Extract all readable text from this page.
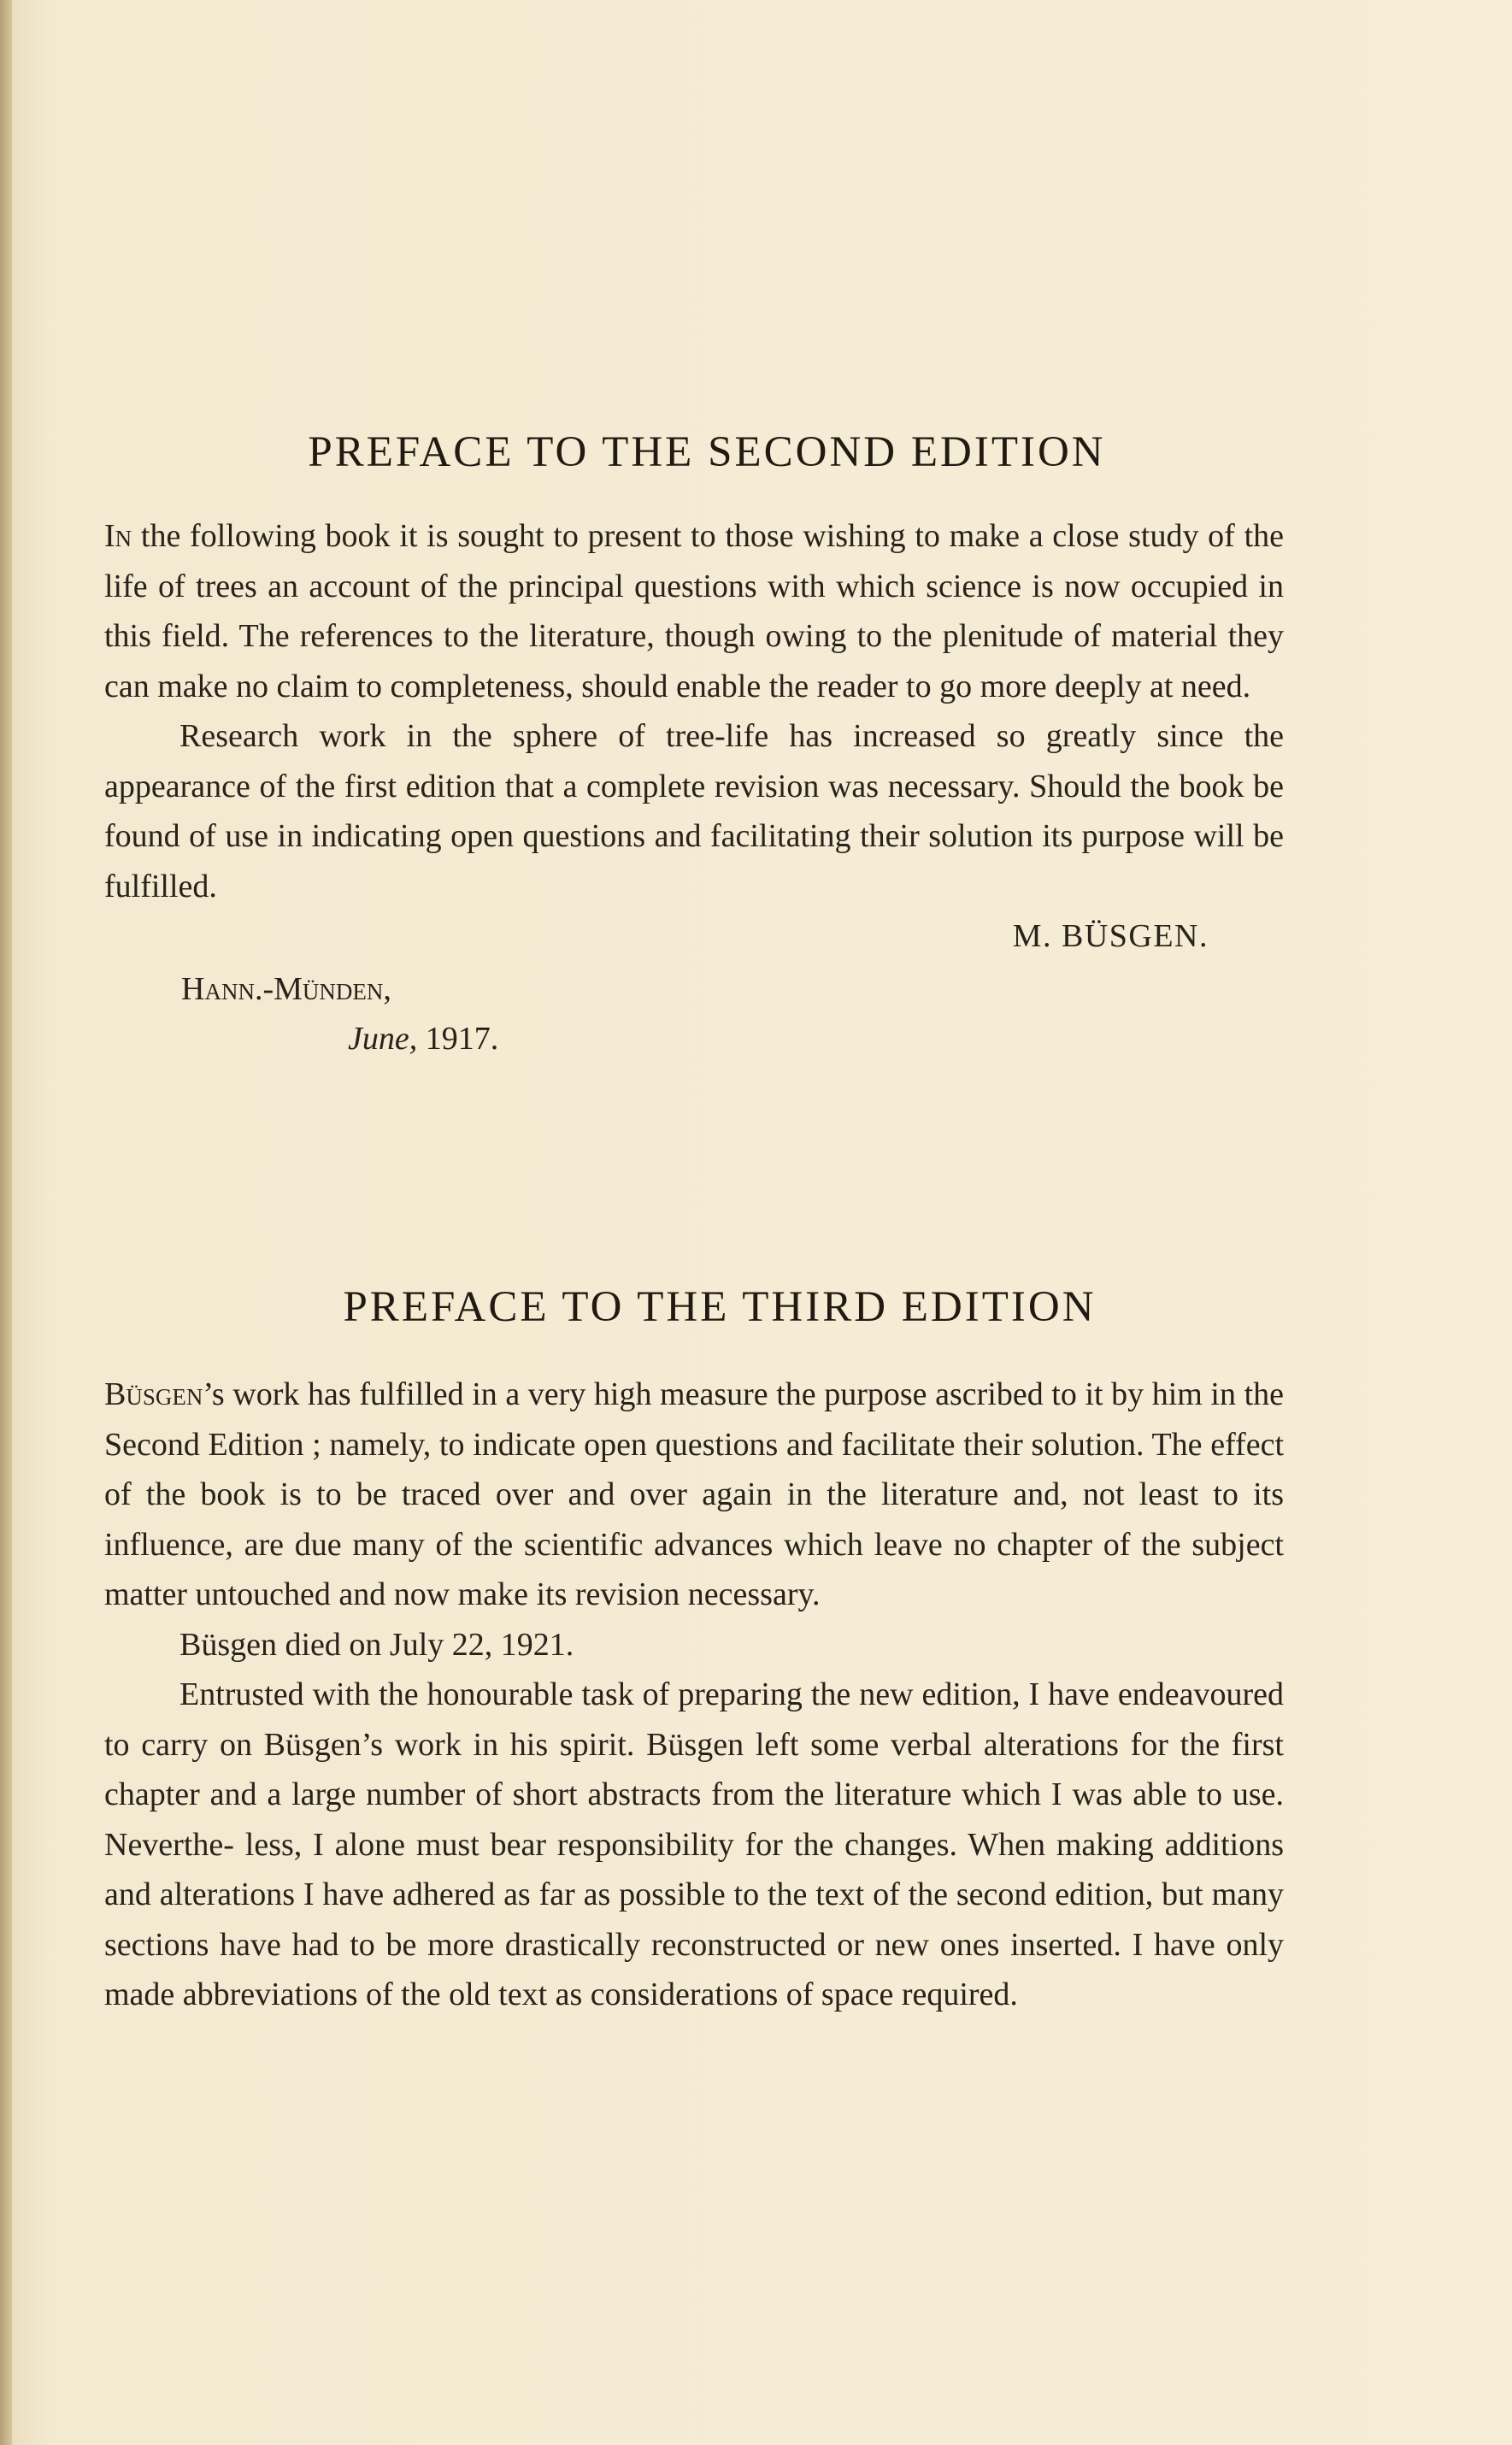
PREFACE TO THE SECOND EDITION

In the following book it is sought to present to those wishing to make a close study of the life of trees an account of the principal questions with which science is now occupied in this field. The references to the literature, though owing to the plenitude of material they can make no claim to completeness, should enable the reader to go more deeply at need.

Research work in the sphere of tree-life has increased so greatly since the appearance of the first edition that a complete revision was necessary. Should the book be found of use in indicating open questions and facilitating their solution its purpose will be fulfilled.

M. BÜSGEN.
Hann.-Münden,
June, 1917.
PREFACE TO THE THIRD EDITION

Büsgen’s work has fulfilled in a very high measure the purpose ascribed to it by him in the Second Edition ; namely, to indicate open questions and facilitate their solution. The effect of the book is to be traced over and over again in the literature and, not least to its influence, are due many of the scientific advances which leave no chapter of the subject matter untouched and now make its revision necessary.

Büsgen died on July 22, 1921.

Entrusted with the honourable task of preparing the new edition, I have endeavoured to carry on Büsgen’s work in his spirit. Büsgen left some verbal alterations for the first chapter and a large number of short abstracts from the literature which I was able to use. Neverthe- less, I alone must bear responsibility for the changes. When making additions and alterations I have adhered as far as possible to the text of the second edition, but many sections have had to be more drastically reconstructed or new ones inserted. I have only made abbreviations of the old text as considerations of space required.
